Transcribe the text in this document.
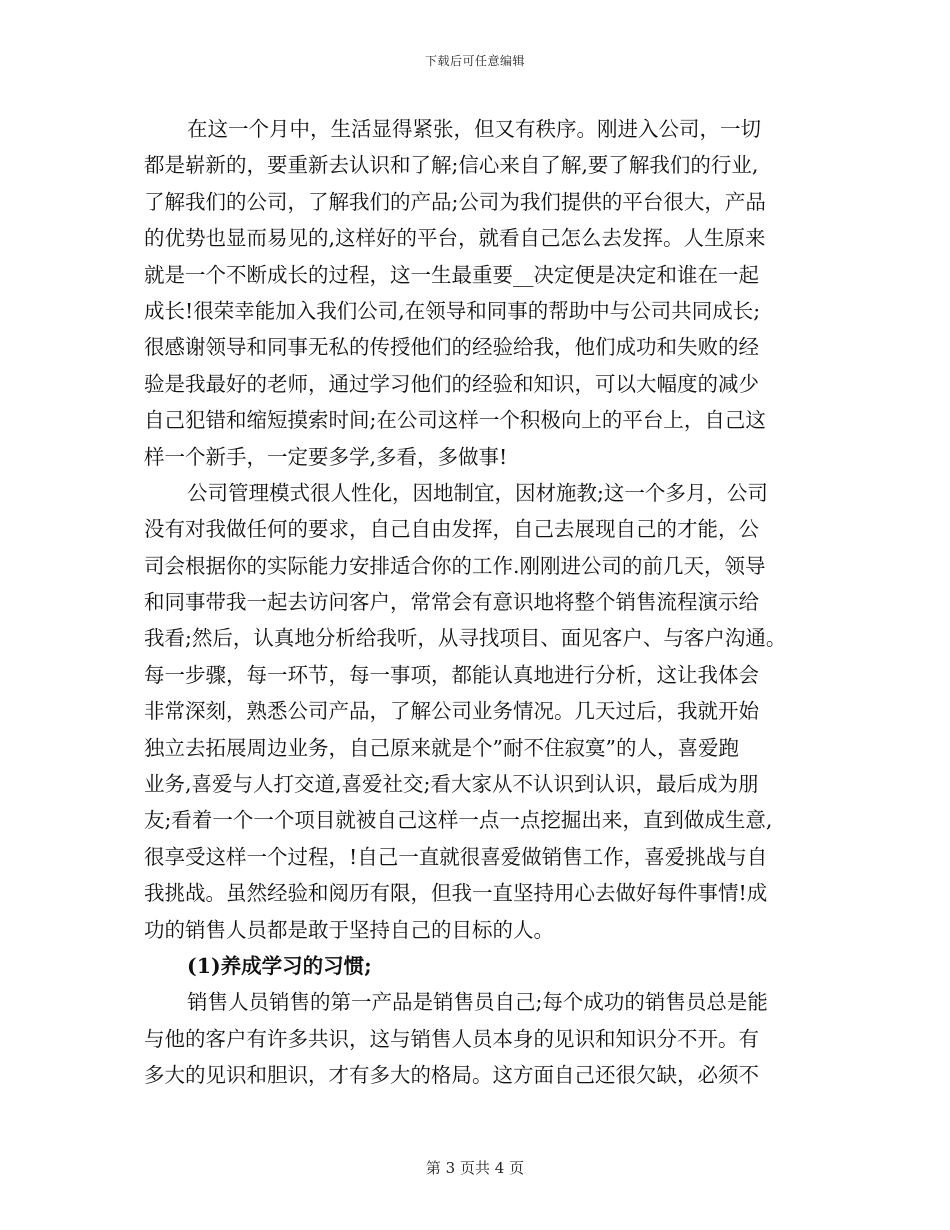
下载后可任意编辑
在这一个月中，生活显得紧张，但又有秩序。刚进入公司，一切
都是崭新的，要重新去认识和了解;信心来自了解,要了解我们的行业,
了解我们的公司，了解我们的产品;公司为我们提供的平台很大，产品
的优势也显而易见的,这样好的平台，就看自己怎么去发挥。人生原来
就是一个不断成长的过程，这一生最重要__决定便是决定和谁在一起
成长!很荣幸能加入我们公司,在领导和同事的帮助中与公司共同成长;
很感谢领导和同事无私的传授他们的经验给我，他们成功和失败的经
验是我最好的老师，通过学习他们的经验和知识，可以大幅度的减少
自己犯错和缩短摸索时间;在公司这样一个积极向上的平台上，自己这
样一个新手，一定要多学,多看，多做事!
公司管理模式很人性化，因地制宜，因材施教;这一个多月，公司
没有对我做任何的要求，自己自由发挥，自己去展现自己的才能，公
司会根据你的实际能力安排适合你的工作.刚刚进公司的前几天，领导
和同事带我一起去访问客户，常常会有意识地将整个销售流程演示给
我看;然后，认真地分析给我听，从寻找项目、面见客户、与客户沟通。
每一步骤，每一环节，每一事项，都能认真地进行分析，这让我体会
非常深刻，熟悉公司产品，了解公司业务情况。几天过后，我就开始
独立去拓展周边业务，自己原来就是个”耐不住寂寞”的人，喜爱跑
业务,喜爱与人打交道,喜爱社交;看大家从不认识到认识，最后成为朋
友;看着一个一个项目就被自己这样一点一点挖掘出来，直到做成生意,
很享受这样一个过程，!自己一直就很喜爱做销售工作，喜爱挑战与自
我挑战。虽然经验和阅历有限，但我一直坚持用心去做好每件事情!成
功的销售人员都是敢于坚持自己的目标的人。
(1)养成学习的习惯;
销售人员销售的第一产品是销售员自己;每个成功的销售员总是能
与他的客户有许多共识，这与销售人员本身的见识和知识分不开。有
多大的见识和胆识，才有多大的格局。这方面自己还很欠缺，必须不
第 3 页共 4 页
